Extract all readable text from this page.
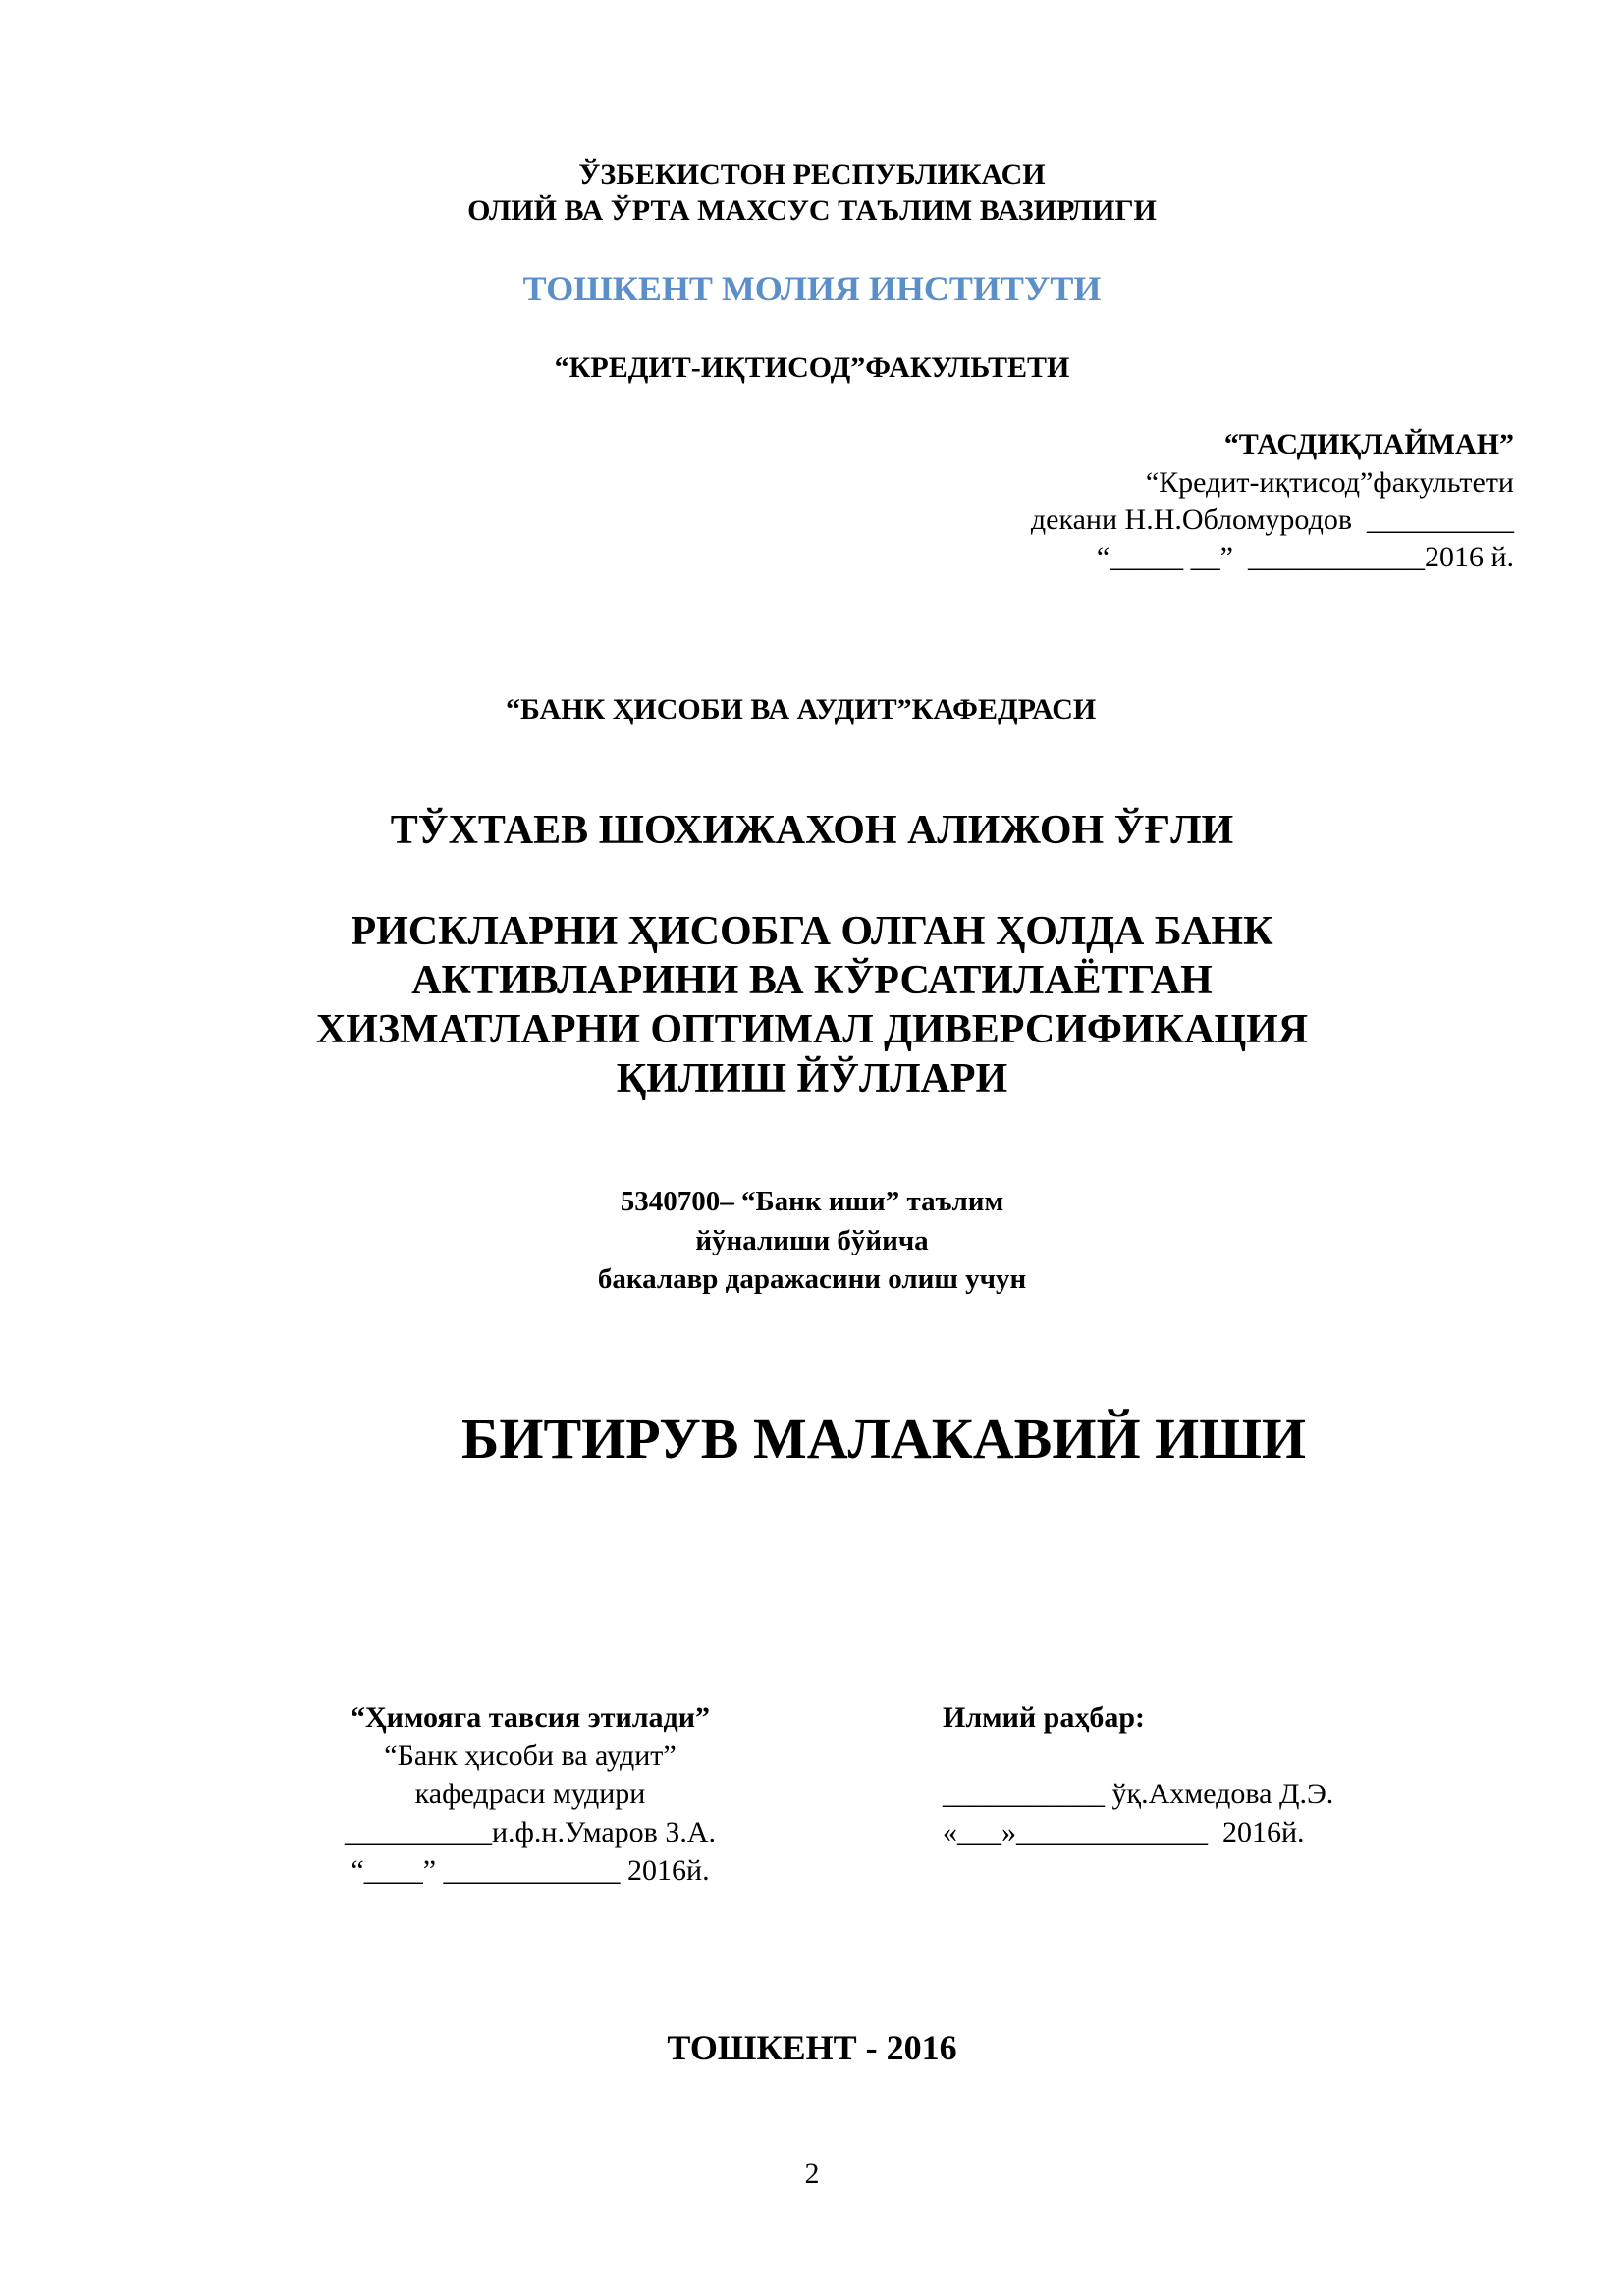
ЎЗБЕКИСТОН РЕСПУБЛИКАСИ
ОЛИЙ ВА ЎРТА МАХСУС ТАЪЛИМ ВАЗИРЛИГИ
ТОШКЕНТ МОЛИЯ ИНСТИТУТИ
“КРЕДИТ-ИҚТИСОД”ФАКУЛЬТЕТИ
“ТАСДИҚЛАЙМАН”
“Кредит-иқтисод”факультети
декани Н.Н.Обломуродов  __________
“_____ __”  ____________2016 й.
“БАНК ҲИСОБИ ВА АУДИТ”КАФЕДРАСИ
ТЎХТАЕВ ШОХИЖАХОН АЛИЖОН ЎҒЛИ
РИСКЛАРНИ ҲИСОБГА ОЛГАН ҲОЛДА БАНК
АКТИВЛАРИНИ ВА КЎРСАТИЛАЁТГАН
ХИЗМАТЛАРНИ ОПТИМАЛ ДИВЕРСИФИКАЦИЯ
ҚИЛИШ ЙЎЛЛАРИ
5340700– “Банк иши” таълим
йўналиши бўйича
бакалавр даражасини олиш учун
БИТИРУВ МАЛАКАВИЙ ИШИ
“Ҳимояга тавсия этилади”
“Банк ҳисоби ва аудит”
кафедраси мудири
__________и.ф.н.Умаров З.А.
“____” ____________ 2016й.
Илмий раҳбар:
___________ ўқ.Ахмедова Д.Э.
«___»_____________  2016й.
ТОШКЕНТ - 2016
2
